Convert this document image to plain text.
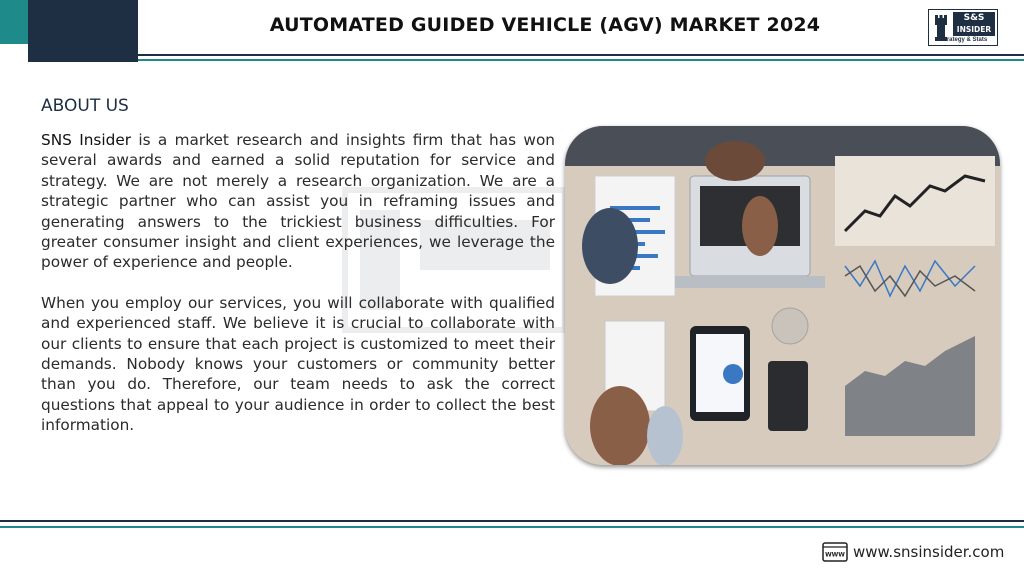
AUTOMATED GUIDED VEHICLE (AGV) MARKET 2024	S&S
INSIDER
Strategy & Stats
ABOUT US

SNS Insider is a market research and insights firm that has won several awards and earned a solid reputation for service and strategy. We are not merely a research organization. We are a strategic partner who can assist you in reframing issues and generating answers to the trickiest business difficulties. For greater consumer insight and client experiences, we leverage the power of experience and people.

When you employ our services, you will collaborate with qualified and experienced staff. We believe it is crucial to collaborate with our clients to ensure that each project is customized to meet their demands. Nobody knows your customers or community better than you do. Therefore, our team needs to ask the correct questions that appeal to your audience in order to collect the best information.

WWW www.snsinsider.com
